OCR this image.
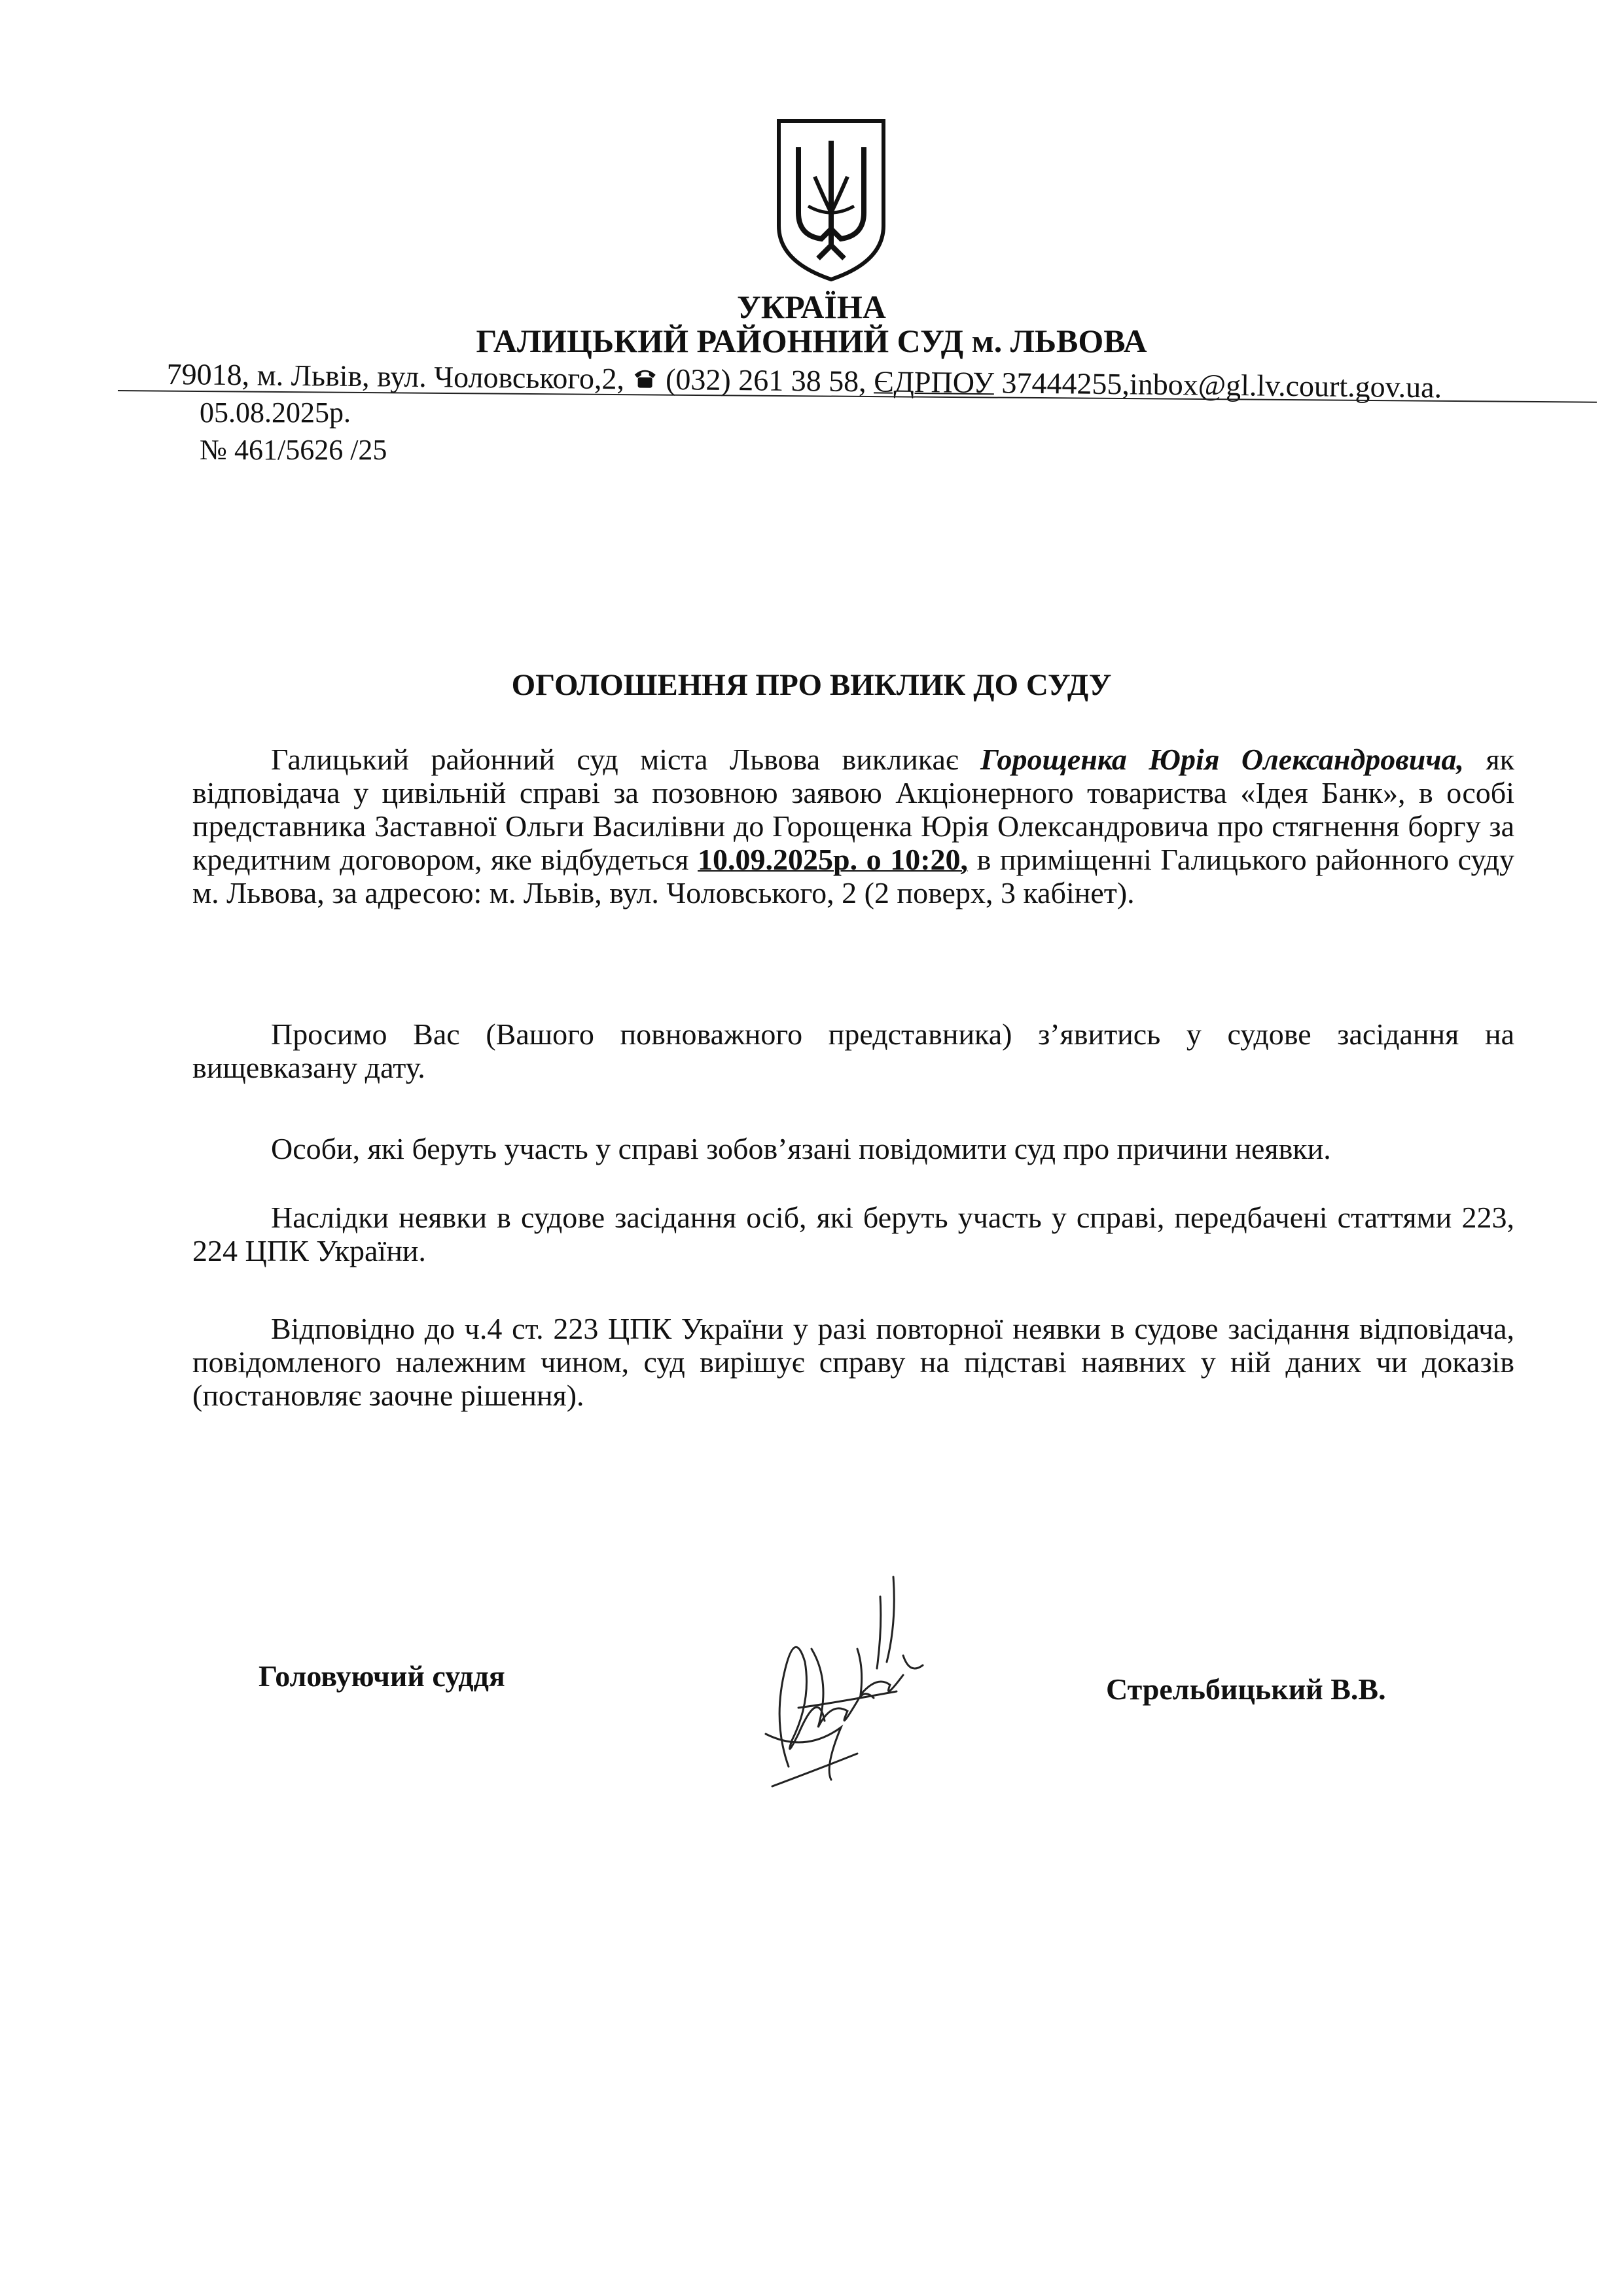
УКРАЇНА
ГАЛИЦЬКИЙ РАЙОННИЙ СУД м. ЛЬВОВА
79018, м. Львів, вул. Чоловського,2, (032) 261 38 58, ЄДРПОУ 37444255,inbox@gl.lv.court.gov.ua.
05.08.2025р.
№ 461/5626 /25
ОГОЛОШЕННЯ ПРО ВИКЛИК ДО СУДУ
Галицький районний суд міста Львова викликає Горощенка Юрія Олександровича, як відповідача у цивільній справі за позовною заявою Акціонерного товариства «Ідея Банк», в особі представника Заставної Ольги Василівни до Горощенка Юрія Олександровича про стягнення боргу за кредитним договором, яке відбудеться 10.09.2025р. о 10:20, в приміщенні Галицького районного суду м. Львова, за адресою: м. Львів, вул. Чоловського, 2 (2 поверх, 3 кабінет).
Просимо Вас (Вашого повноважного представника) з’явитись у судове засідання на вищевказану дату.
Особи, які беруть участь у справі зобов’язані повідомити суд про причини неявки.
Наслідки неявки в судове засідання осіб, які беруть участь у справі, передбачені статтями 223, 224 ЦПК України.
Відповідно до ч.4 ст. 223 ЦПК України у разі повторної неявки в судове засідання відповідача, повідомленого належним чином, суд вирішує справу на підставі наявних у ній даних чи доказів (постановляє заочне рішення).
Головуючий суддя	Стрельбицький В.В.
